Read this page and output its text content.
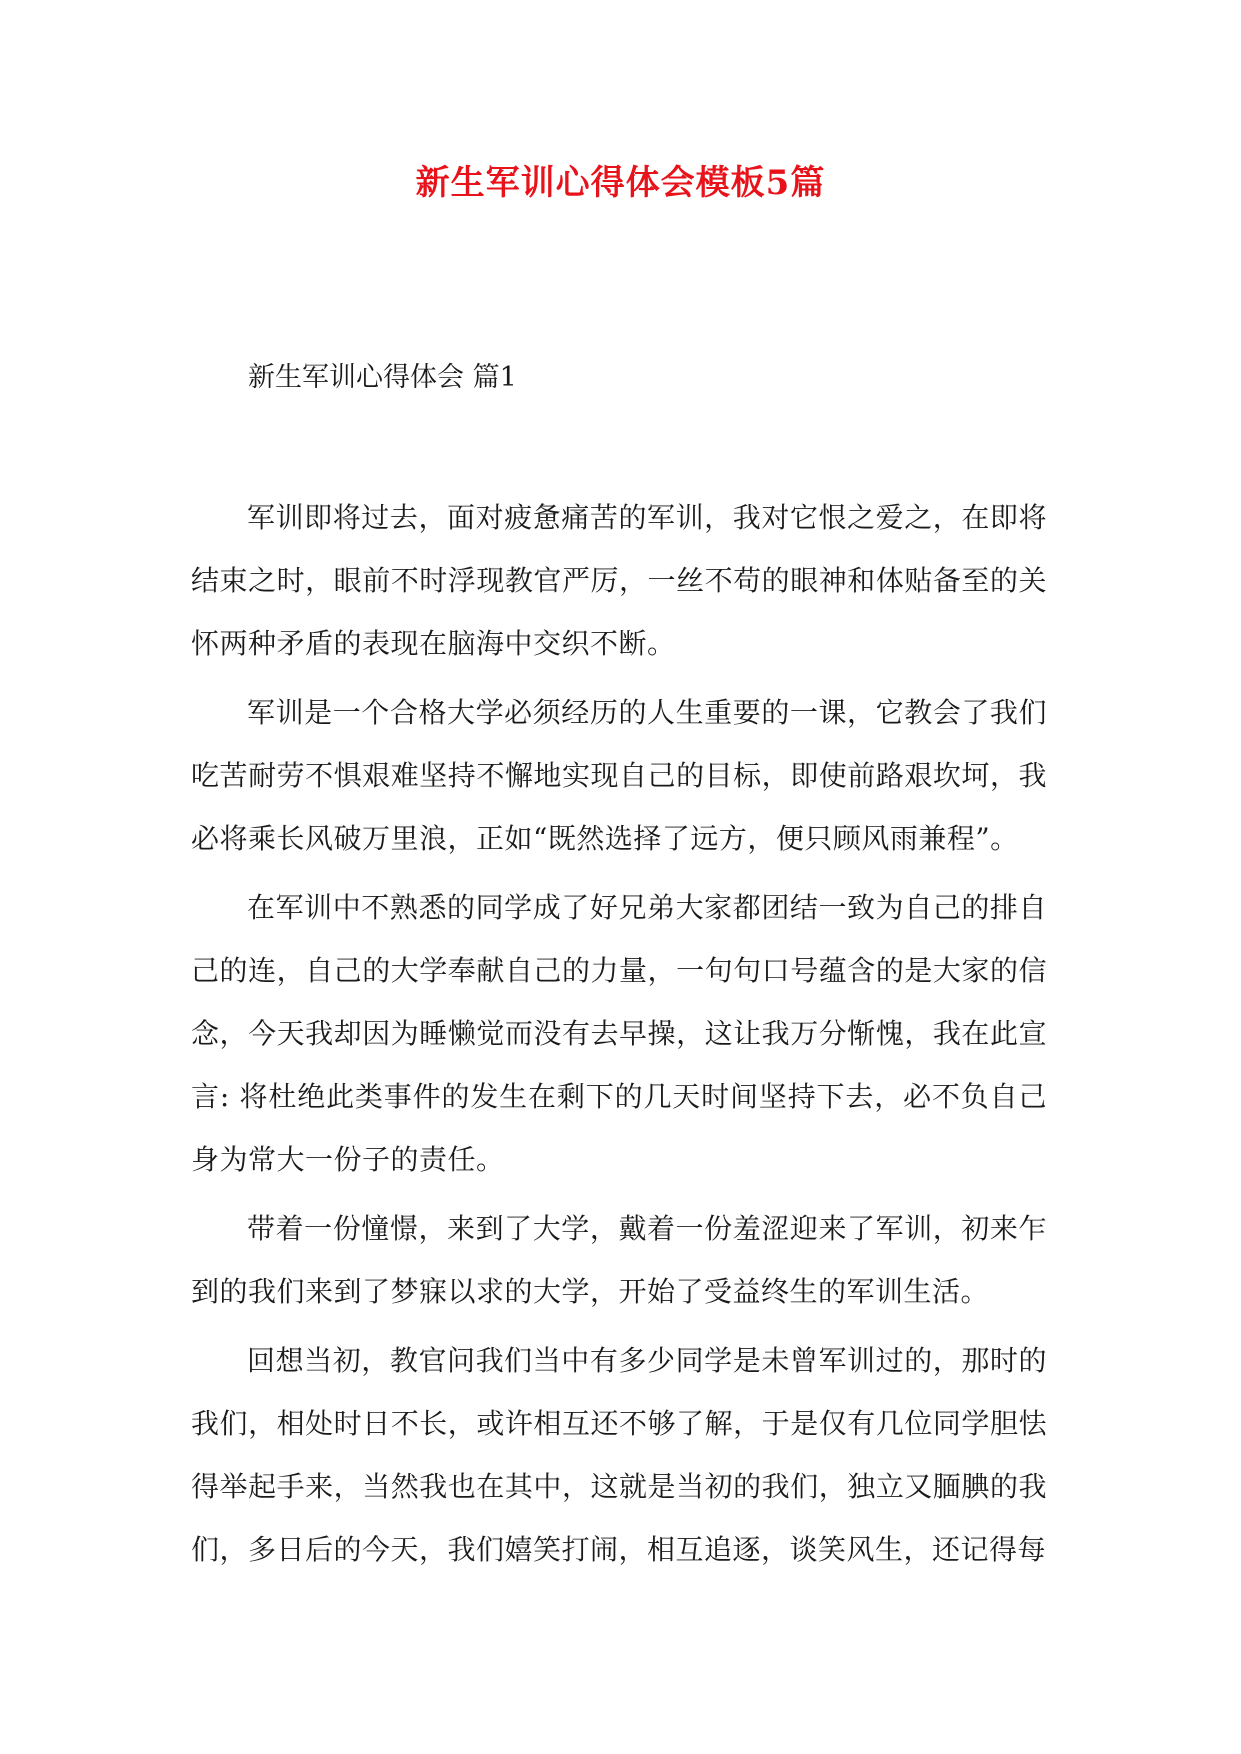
新生军训心得体会模板5篇
新生军训心得体会 篇1

军训即将过去，面对疲惫痛苦的军训，我对它恨之爱之，在即将结束之时，眼前不时浮现教官严厉，一丝不苟的眼神和体贴备至的关怀两种矛盾的表现在脑海中交织不断。

军训是一个合格大学必须经历的人生重要的一课，它教会了我们吃苦耐劳不惧艰难坚持不懈地实现自己的目标，即使前路艰坎坷，我必将乘长风破万里浪，正如“既然选择了远方，便只顾风雨兼程”。

在军训中不熟悉的同学成了好兄弟大家都团结一致为自己的排自己的连，自己的大学奉献自己的力量，一句句口号蕴含的是大家的信念，今天我却因为睡懒觉而没有去早操，这让我万分惭愧，我在此宣言: 将杜绝此类事件的发生在剩下的几天时间坚持下去，必不负自己身为常大一份子的责任。

带着一份憧憬，来到了大学，戴着一份羞涩迎来了军训，初来乍到的我们来到了梦寐以求的大学，开始了受益终生的军训生活。

回想当初，教官问我们当中有多少同学是未曾军训过的，那时的我们，相处时日不长，或许相互还不够了解，于是仅有几位同学胆怯得举起手来，当然我也在其中，这就是当初的我们，独立又腼腆的我们，多日后的今天，我们嬉笑打闹，相互追逐，谈笑风生，还记得每
